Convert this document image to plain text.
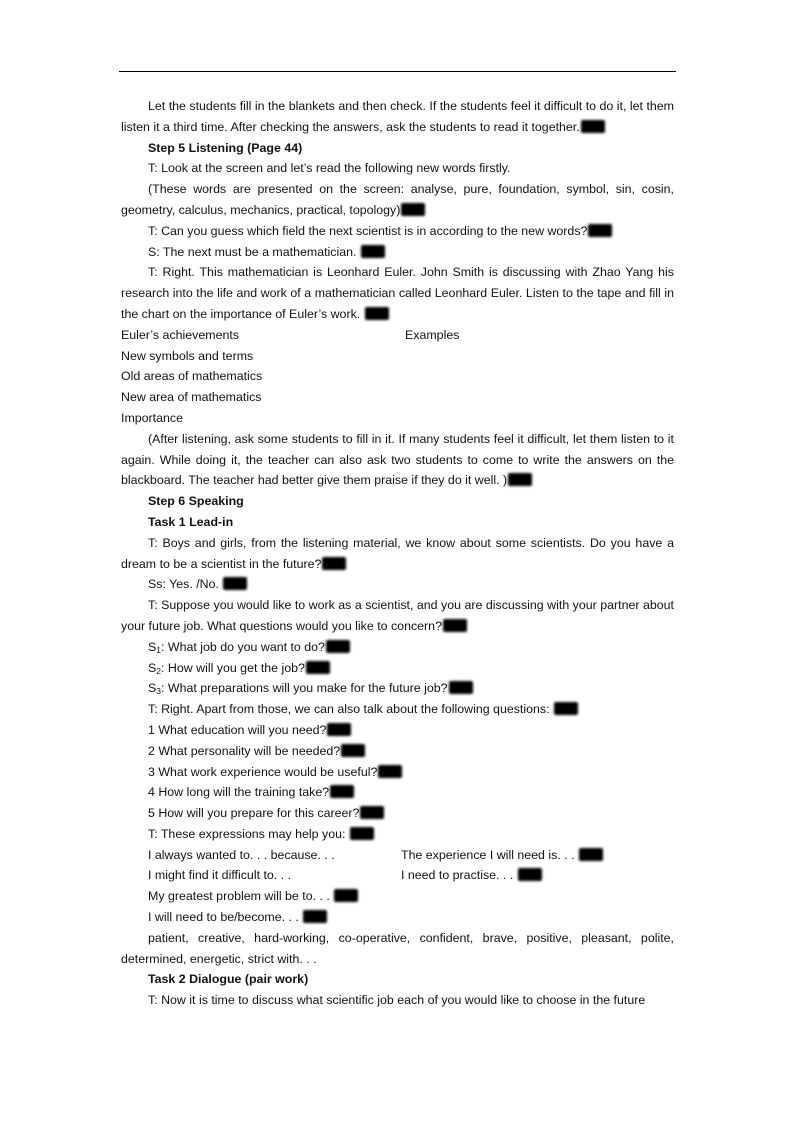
Let the students fill in the blankets and then check. If the students feel it difficult to do it, let them listen it a third time. After checking the answers, ask the students to read it together.

Step 5 Listening (Page 44)

T: Look at the screen and let’s read the following new words firstly.

(These words are presented on the screen: analyse, pure, foundation, symbol, sin, cosin, geometry, calculus, mechanics, practical, topology)

T: Can you guess which field the next scientist is in according to the new words?

S: The next must be a mathematician.

T: Right. This mathematician is Leonhard Euler. John Smith is discussing with Zhao Yang his research into the life and work of a mathematician called Leonhard Euler. Listen to the tape and fill in the chart on the importance of Euler’s work.

Euler’s achievements	Examples

New symbols and terms

Old areas of mathematics

New area of mathematics

Importance

(After listening, ask some students to fill in it. If many students feel it difficult, let them listen to it again. While doing it, the teacher can also ask two students to come to write the answers on the blackboard. The teacher had better give them praise if they do it well. )

Step 6 Speaking

Task 1 Lead-in

T: Boys and girls, from the listening material, we know about some scientists. Do you have a dream to be a scientist in the future?

Ss: Yes. /No.

T: Suppose you would like to work as a scientist, and you are discussing with your partner about your future job. What questions would you like to concern?

$S_1$: What job do you want to do?

$S_2$: How will you get the job?

$S_3$: What preparations will you make for the future job?

T: Right. Apart from those, we can also talk about the following questions:

1 What education will you need?

2 What personality will be needed?

3 What work experience would be useful?

4 How long will the training take?

5 How will you prepare for this career?

T: These expressions may help you:

I always wanted to. . . because. . .	The experience I will need is. . .
I might find it difficult to. . .	I need to practise. . .

My greatest problem will be to. . .

I will need to be/become. . .

patient, creative, hard-working, co-operative, confident, brave, positive, pleasant, polite, determined, energetic, strict with. . .

Task 2 Dialogue (pair work)

T: Now it is time to discuss what scientific job each of you would like to choose in the future
